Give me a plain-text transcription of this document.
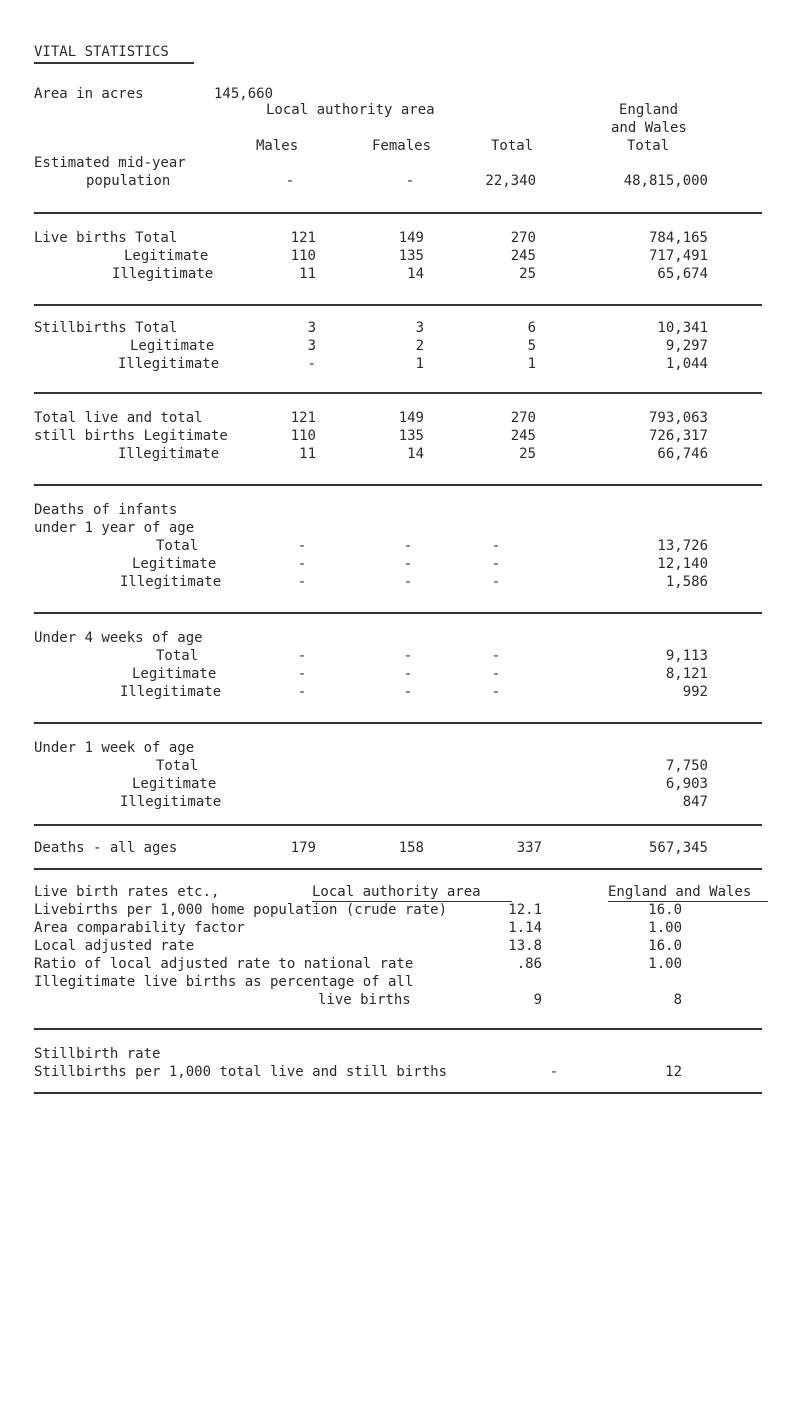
VITAL STATISTICS
Area in acres	145,660
Local authority area	England
and Wales
Males	Females	Total	Total
Estimated mid-year
population	-	-	22,340	48,815,000
Live births Total	121	149	270	784,165
Legitimate	110	135	245	717,491
Illegitimate	11	14	25	65,674
Stillbirths Total	3	3	6	10,341
Legitimate	3	2	5	9,297
Illegitimate	-	1	1	1,044
Total live and total	121	149	270	793,063
still births Legitimate	110	135	245	726,317
Illegitimate	11	14	25	66,746
Deaths of infants
under 1 year of age
Total	-	-	-	13,726
Legitimate	-	-	-	12,140
Illegitimate	-	-	-	1,586
Under 4 weeks of age
Total	-	-	-	9,113
Legitimate	-	-	-	8,121
Illegitimate	-	-	-	992
Under 1 week of age
Total	7,750
Legitimate	6,903
Illegitimate	847
Deaths - all ages	179	158	337	567,345
Live birth rates etc.,	Local authority area	England and Wales
Livebirths per 1,000 home population (crude rate)	12.1	16.0
Area comparability factor	1.14	1.00
Local adjusted rate	13.8	16.0
Ratio of local adjusted rate to national rate	.86	1.00
Illegitimate live births as percentage of all
live births	9	8
Stillbirth rate
Stillbirths per 1,000 total live and still births	-	12
